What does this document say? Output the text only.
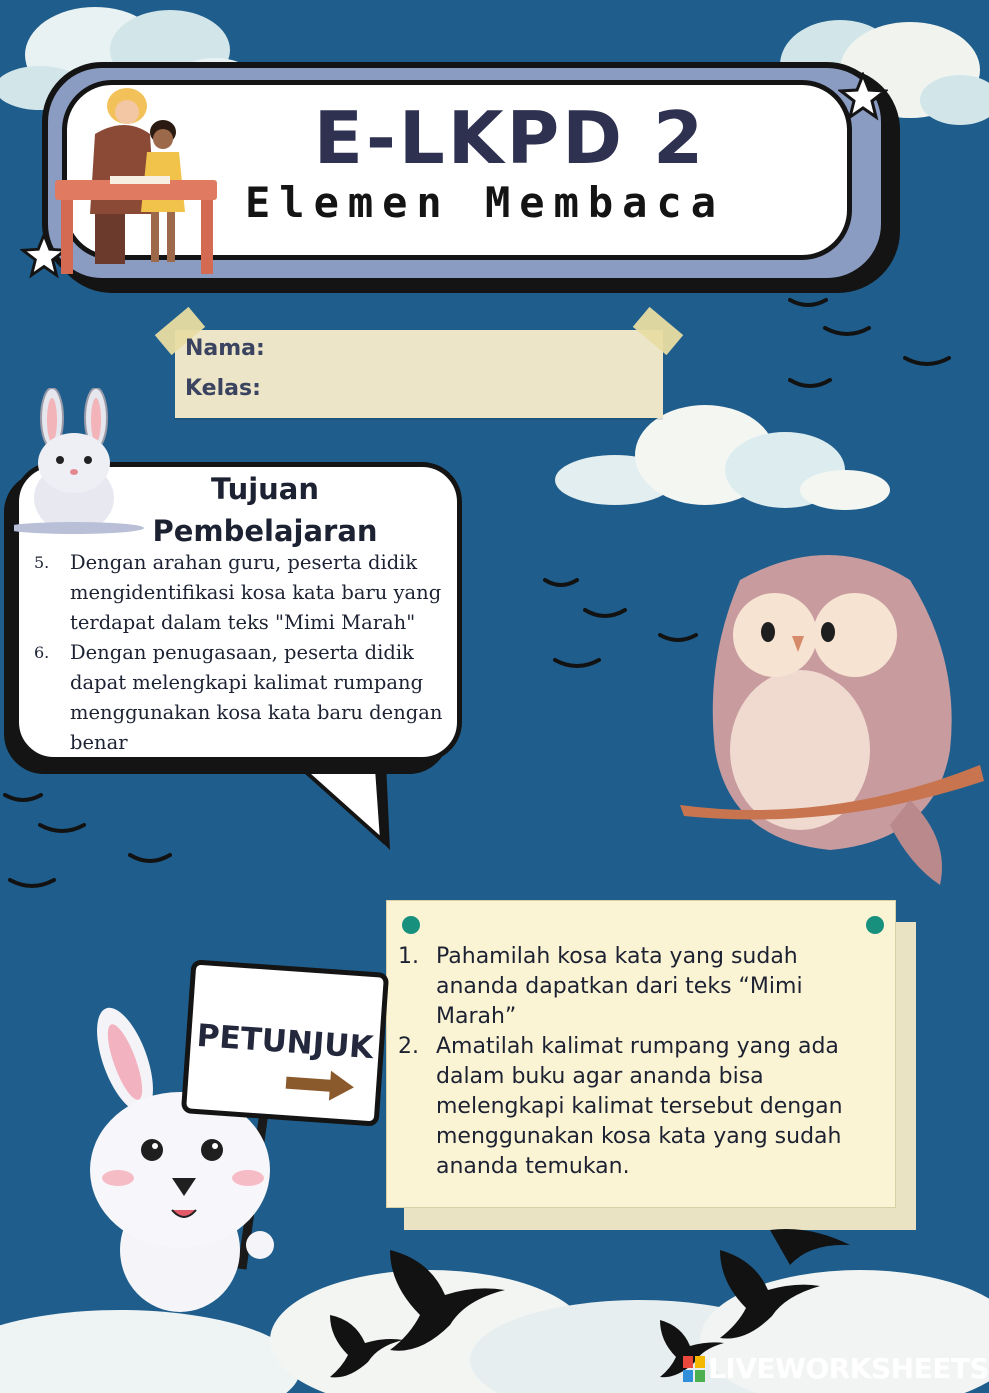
E-LKPD 2
Elemen Membaca
Nama:
Kelas:
Tujuan
Pembelajaran
5.	Dengan arahan guru, peserta didik
mengidentifikasi kosa kata baru yang
terdapat dalam teks "Mimi Marah"
6.	Dengan penugasaan, peserta didik
dapat melengkapi kalimat rumpang
menggunakan kosa kata baru dengan
benar
1. Pahamilah kosa kata yang sudah
ananda dapatkan dari teks “Mimi
Marah”
2. Amatilah kalimat rumpang yang ada
dalam buku agar ananda bisa
melengkapi kalimat tersebut dengan
menggunakan kosa kata yang sudah
ananda temukan.
PETUNJUK
LIVEWORKSHEETS
